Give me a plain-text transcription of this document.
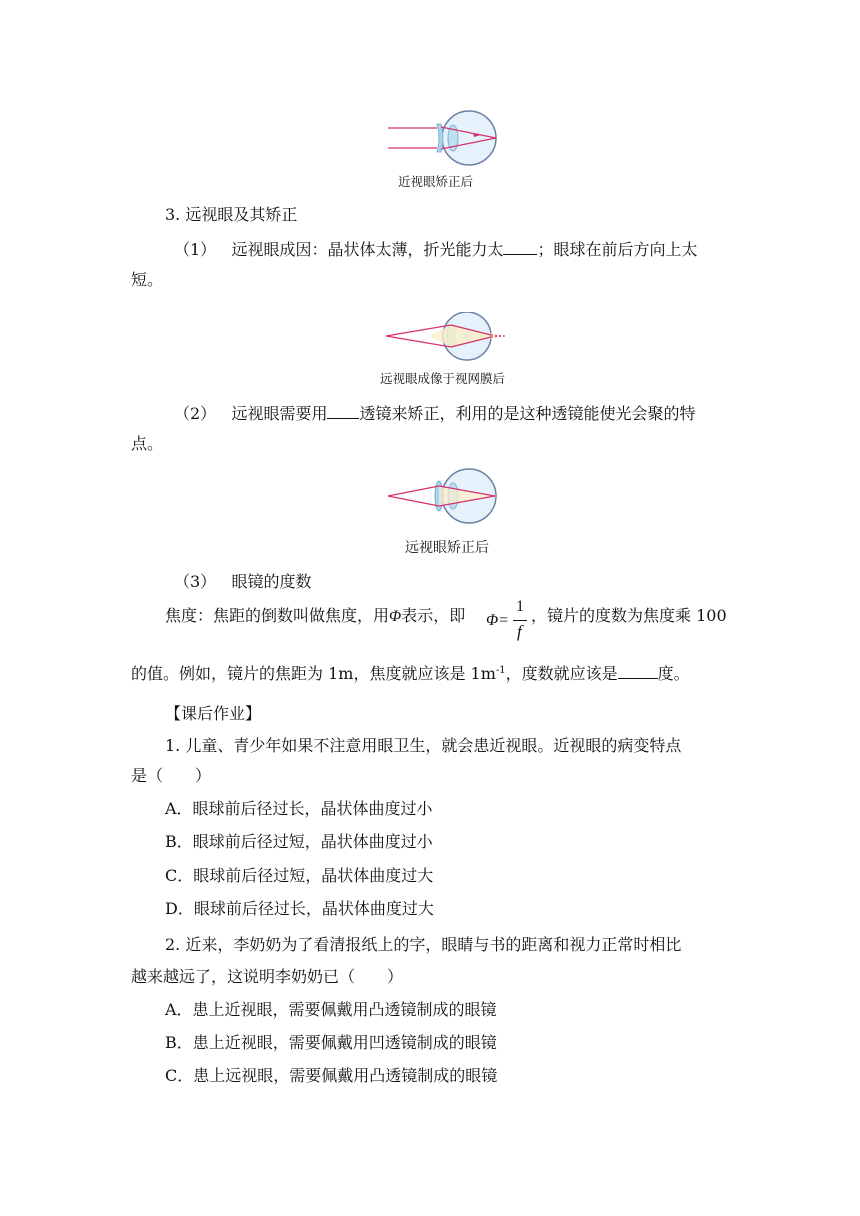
近视眼矫正后
3. 远视眼及其矫正
（1） 远视眼成因：晶状体太薄，折光能力太 ；眼球在前后方向上太
短。
远视眼成像于视网膜后
（2） 远视眼需要用 透镜来矫正，利用的是这种透镜能使光会聚的特
点。
远视眼矫正后
（3） 眼镜的度数
焦度：焦距的倒数叫做焦度，用Φ表示，即 Φ=
1
f
，镜片的度数为焦度乘 100
的值。例如，镜片的焦距为 1m，焦度就应该是 $1m^{-1}$，度数就应该是	度。
【课后作业】
1. 儿童、青少年如果不注意用眼卫生，就会患近视眼。近视眼的病变特点
是（　　）
A．眼球前后径过长，晶状体曲度过小
B．眼球前后径过短，晶状体曲度过小
C．眼球前后径过短，晶状体曲度过大
D．眼球前后径过长，晶状体曲度过大
2. 近来，李奶奶为了看清报纸上的字，眼睛与书的距离和视力正常时相比
越来越远了，这说明李奶奶已（　　）
A．患上近视眼，需要佩戴用凸透镜制成的眼镜
B．患上近视眼，需要佩戴用凹透镜制成的眼镜
C．患上远视眼，需要佩戴用凸透镜制成的眼镜
